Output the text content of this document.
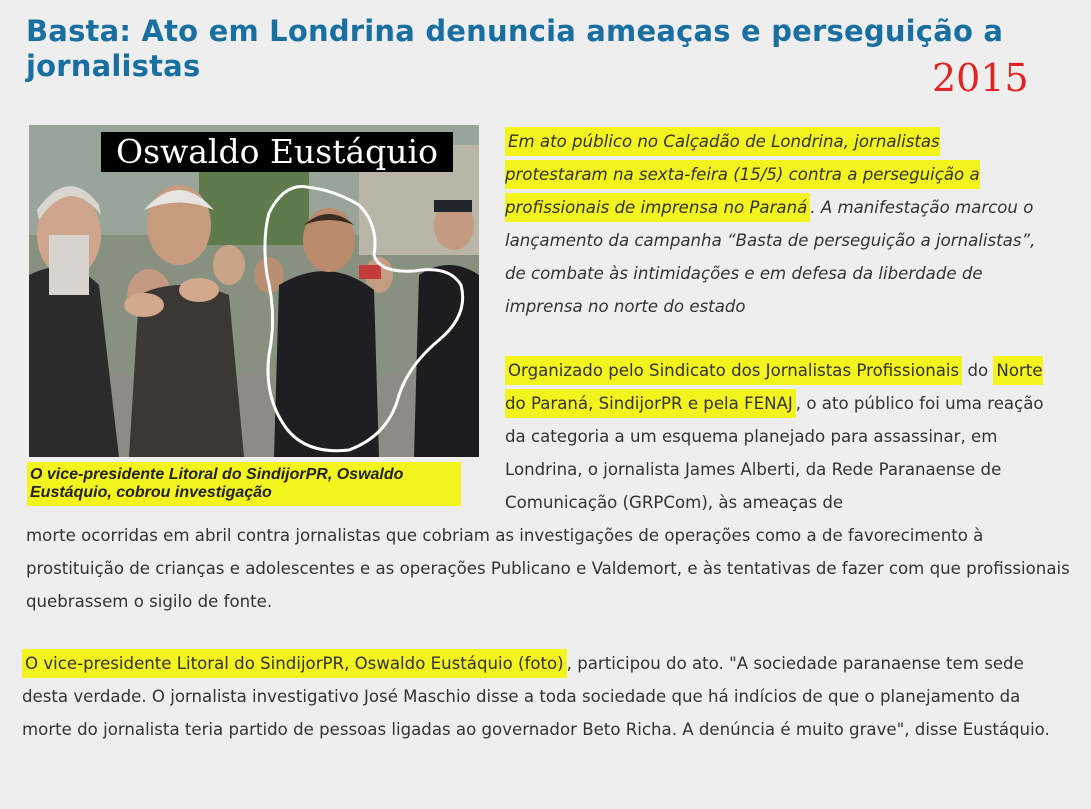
Basta: Ato em Londrina denuncia ameaças e perseguição a jornalistas	2015
Oswaldo Eustáquio
O vice-presidente Litoral do SindijorPR, Oswaldo Eustáquio, cobrou investigação

Em ato público no Calçadão de Londrina, jornalistas protestaram na sexta-feira (15/5) contra a perseguição a profissionais de imprensa no Paraná . A manifestação marcou o lançamento da campanha “Basta de perseguição a jornalistas”, de combate às intimidações e em defesa da liberdade de imprensa no norte do estado

Organizado pelo Sindicato dos Jornalistas Profissionais do Norte do Paraná, SindijorPR e pela FENAJ , o ato público foi uma reação da categoria a um esquema planejado para assassinar, em Londrina, o jornalista James Alberti, da Rede Paranaense de Comunicação (GRPCom), às ameaças de

morte ocorridas em abril contra jornalistas que cobriam as investigações de operações como a de favorecimento à prostituição de crianças e adolescentes e as operações Publicano e Valdemort, e às tentativas de fazer com que profissionais quebrassem o sigilo de fonte.

O vice-presidente Litoral do SindijorPR, Oswaldo Eustáquio (foto) , participou do ato. "A sociedade paranaense tem sede desta verdade. O jornalista investigativo José Maschio disse a toda sociedade que há indícios de que o planejamento da morte do jornalista teria partido de pessoas ligadas ao governador Beto Richa. A denúncia é muito grave", disse Eustáquio.
